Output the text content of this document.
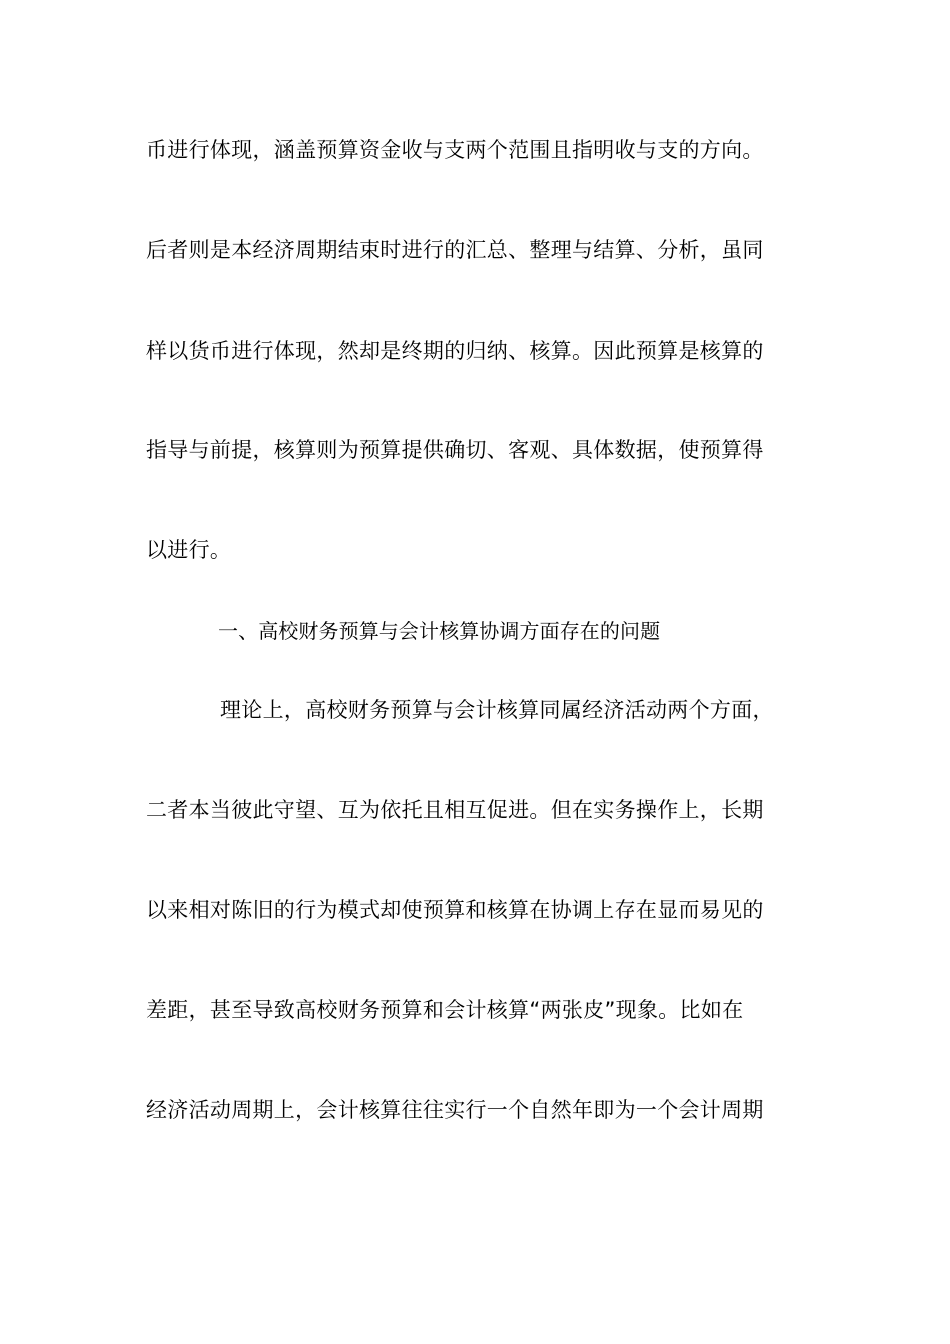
币进行体现，涵盖预算资金收与支两个范围且指明收与支的方向。
后者则是本经济周期结束时进行的汇总、整理与结算、分析，虽同
样以货币进行体现，然却是终期的归纳、核算。因此预算是核算的
指导与前提，核算则为预算提供确切、客观、具体数据，使预算得
以进行。
一、高校财务预算与会计核算协调方面存在的问题
理论上，高校财务预算与会计核算同属经济活动两个方面，
二者本当彼此守望、互为依托且相互促进。但在实务操作上，长期
以来相对陈旧的行为模式却使预算和核算在协调上存在显而易见的
差距，甚至导致高校财务预算和会计核算“两张皮”现象。比如在
经济活动周期上，会计核算往往实行一个自然年即为一个会计周期
